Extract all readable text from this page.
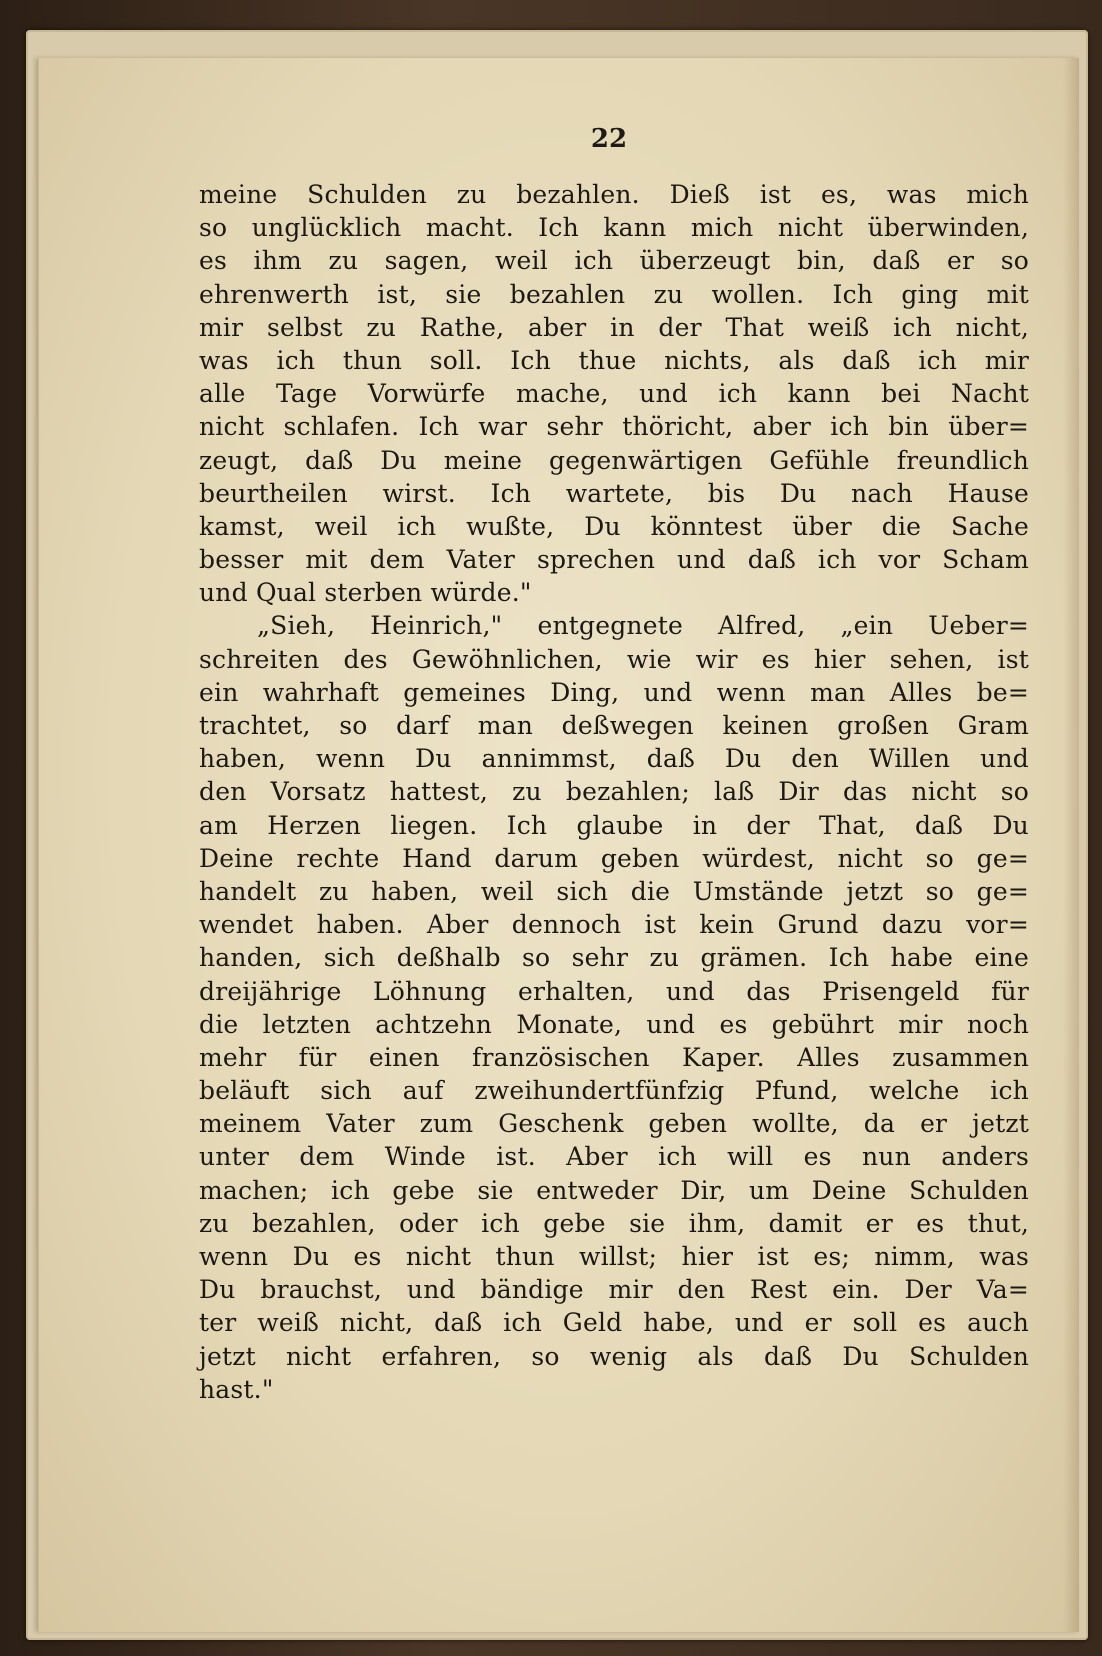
22
meine Schulden zu bezahlen. Dieß ist es, was mich
so unglücklich macht. Ich kann mich nicht überwinden,
es ihm zu sagen, weil ich überzeugt bin, daß er so
ehrenwerth ist, sie bezahlen zu wollen. Ich ging mit
mir selbst zu Rathe, aber in der That weiß ich nicht,
was ich thun soll. Ich thue nichts, als daß ich mir
alle Tage Vorwürfe mache, und ich kann bei Nacht
nicht schlafen. Ich war sehr thöricht, aber ich bin über=
zeugt, daß Du meine gegenwärtigen Gefühle freundlich
beurtheilen wirst. Ich wartete, bis Du nach Hause
kamst, weil ich wußte, Du könntest über die Sache
besser mit dem Vater sprechen und daß ich vor Scham
und Qual sterben würde."
„Sieh, Heinrich," entgegnete Alfred, „ein Ueber=
schreiten des Gewöhnlichen, wie wir es hier sehen, ist
ein wahrhaft gemeines Ding, und wenn man Alles be=
trachtet, so darf man deßwegen keinen großen Gram
haben, wenn Du annimmst, daß Du den Willen und
den Vorsatz hattest, zu bezahlen; laß Dir das nicht so
am Herzen liegen. Ich glaube in der That, daß Du
Deine rechte Hand darum geben würdest, nicht so ge=
handelt zu haben, weil sich die Umstände jetzt so ge=
wendet haben. Aber dennoch ist kein Grund dazu vor=
handen, sich deßhalb so sehr zu grämen. Ich habe eine
dreijährige Löhnung erhalten, und das Prisengeld für
die letzten achtzehn Monate, und es gebührt mir noch
mehr für einen französischen Kaper. Alles zusammen
beläuft sich auf zweihundertfünfzig Pfund, welche ich
meinem Vater zum Geschenk geben wollte, da er jetzt
unter dem Winde ist. Aber ich will es nun anders
machen; ich gebe sie entweder Dir, um Deine Schulden
zu bezahlen, oder ich gebe sie ihm, damit er es thut,
wenn Du es nicht thun willst; hier ist es; nimm, was
Du brauchst, und bändige mir den Rest ein. Der Va=
ter weiß nicht, daß ich Geld habe, und er soll es auch
jetzt nicht erfahren, so wenig als daß Du Schulden
hast."
